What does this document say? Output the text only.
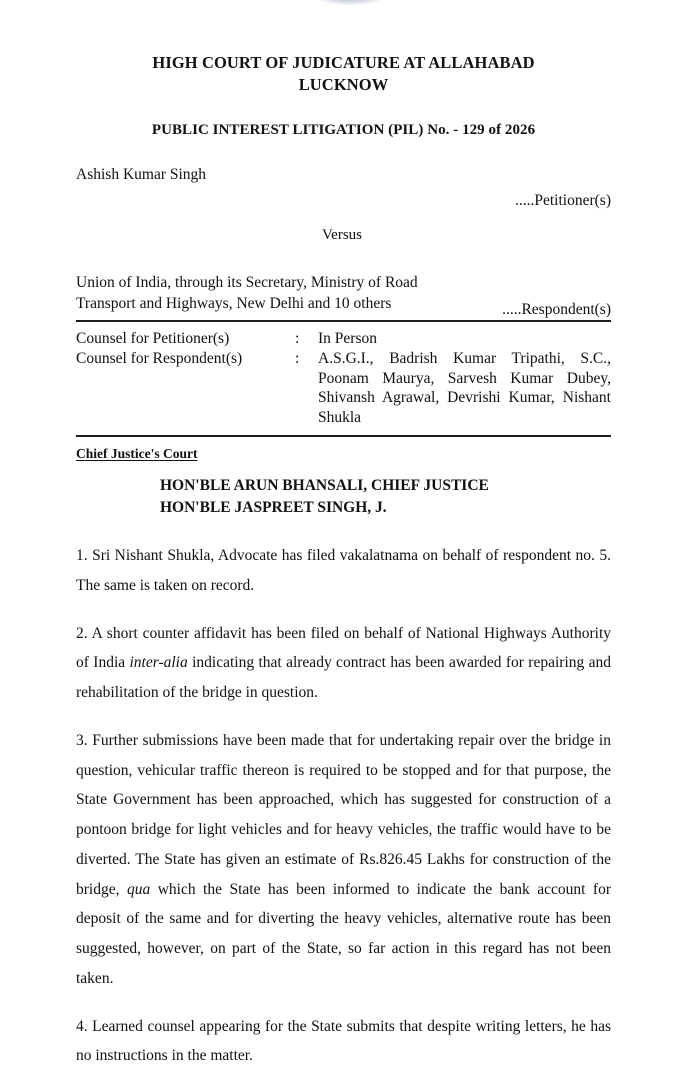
HIGH COURT OF JUDICATURE AT ALLAHABAD
LUCKNOW
PUBLIC INTEREST LITIGATION (PIL) No. - 129 of 2026

Ashish Kumar Singh

.....Petitioner(s)

Versus

Union of India, through its Secretary, Ministry of Road Transport and Highways, New Delhi and 10 others	.....Respondent(s)

Counsel for Petitioner(s)	:	In Person
Counsel for Respondent(s)	:	A.S.G.I., Badrish Kumar Tripathi, S.C., Poonam Maurya, Sarvesh Kumar Dubey, Shivansh Agrawal, Devrishi Kumar, Nishant Shukla
Chief Justice's Court

HON'BLE ARUN BHANSALI, CHIEF JUSTICE

HON'BLE JASPREET SINGH, J.

1. Sri Nishant Shukla, Advocate has filed vakalatnama on behalf of respondent no. 5. The same is taken on record.

2. A short counter affidavit has been filed on behalf of National Highways Authority of India inter-alia indicating that already contract has been awarded for repairing and rehabilitation of the bridge in question.

3. Further submissions have been made that for undertaking repair over the bridge in question, vehicular traffic thereon is required to be stopped and for that purpose, the State Government has been approached, which has suggested for construction of a pontoon bridge for light vehicles and for heavy vehicles, the traffic would have to be diverted. The State has given an estimate of Rs.826.45 Lakhs for construction of the bridge, qua which the State has been informed to indicate the bank account for deposit of the same and for diverting the heavy vehicles, alternative route has been suggested, however, on part of the State, so far action in this regard has not been taken.

4. Learned counsel appearing for the State submits that despite writing letters, he has no instructions in the matter.
